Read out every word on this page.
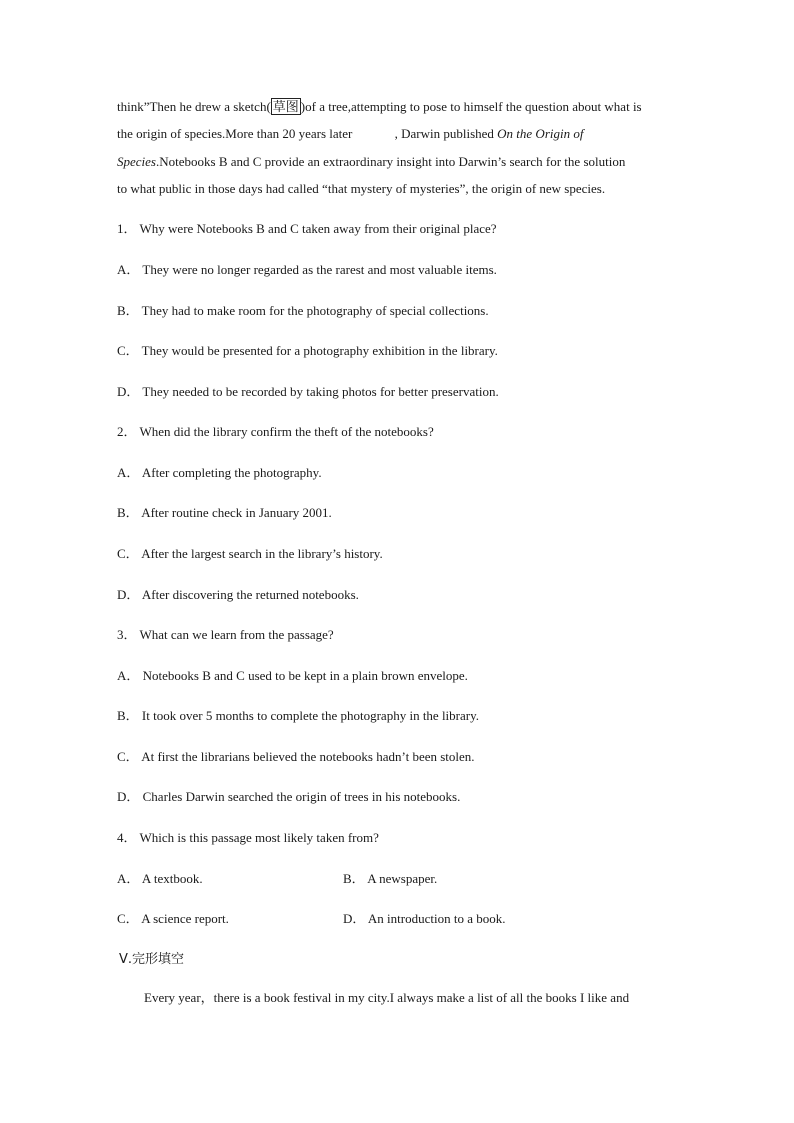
think”Then he drew a sketch( 草图 )of a tree,attempting to pose to himself the question about what is

the origin of species.More than 20 years later             , Darwin published On the Origin of

Species.Notebooks B and C provide an extraordinary insight into Darwin’s search for the solution

to what public in those days had called “that mystery of mysteries”, the origin of new species.

1． Why were Notebooks B and C taken away from their original place?
A． They were no longer regarded as the rarest and most valuable items.
B． They had to make room for the photography of special collections.
C． They would be presented for a photography exhibition in the library.
D． They needed to be recorded by taking photos for better preservation.
2． When did the library confirm the theft of the notebooks?
A． After completing the photography.
B． After routine check in January 2001.
C． After the largest search in the library’s history.
D． After discovering the returned notebooks.
3． What can we learn from the passage?
A． Notebooks B and C used to be kept in a plain brown envelope.
B． It took over 5 months to complete the photography in the library.
C． At first the librarians believed the notebooks hadn’t been stolen.
D． Charles Darwin searched the origin of trees in his notebooks.
4． Which is this passage most likely taken from?
A． A textbook.	B． A newspaper.
C． A science report.	D． An introduction to a book.
Ⅴ.完形填空
Every year，there is a book festival in my city.I always make a list of all the books I like and
